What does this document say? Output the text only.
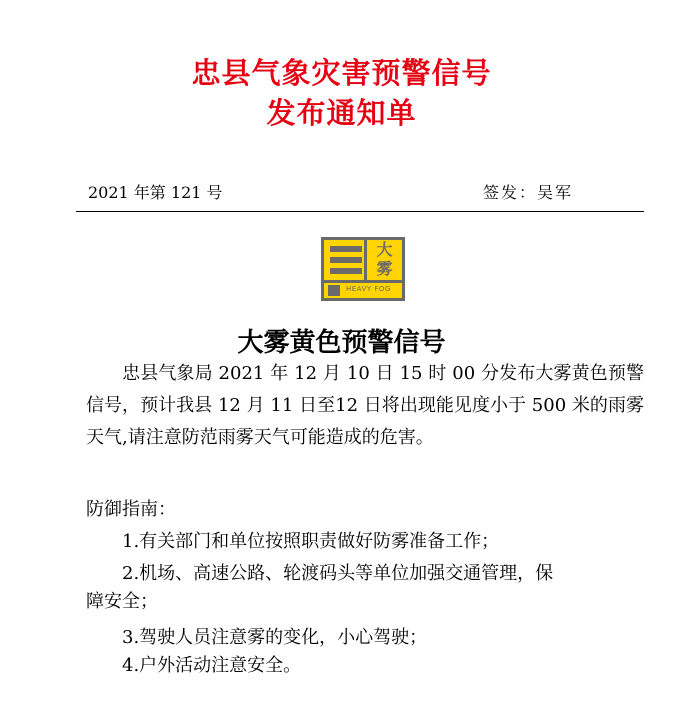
忠县气象灾害预警信号
发布通知单
2021 年第 121 号	签发：吴军
大
雾
HEAVY FOG
大雾黄色预警信号
忠县气象局 2021 年 12 月 10 日 15 时 00 分发布大雾黄色预警信号，预计我县 12 月 11 日至12 日将出现能见度小于 500 米的雨雾天气,请注意防范雨雾天气可能造成的危害。
防御指南：
1.有关部门和单位按照职责做好防雾准备工作；
2.机场、高速公路、轮渡码头等单位加强交通管理，保
障安全；
3.驾驶人员注意雾的变化，小心驾驶；
4.户外活动注意安全。
